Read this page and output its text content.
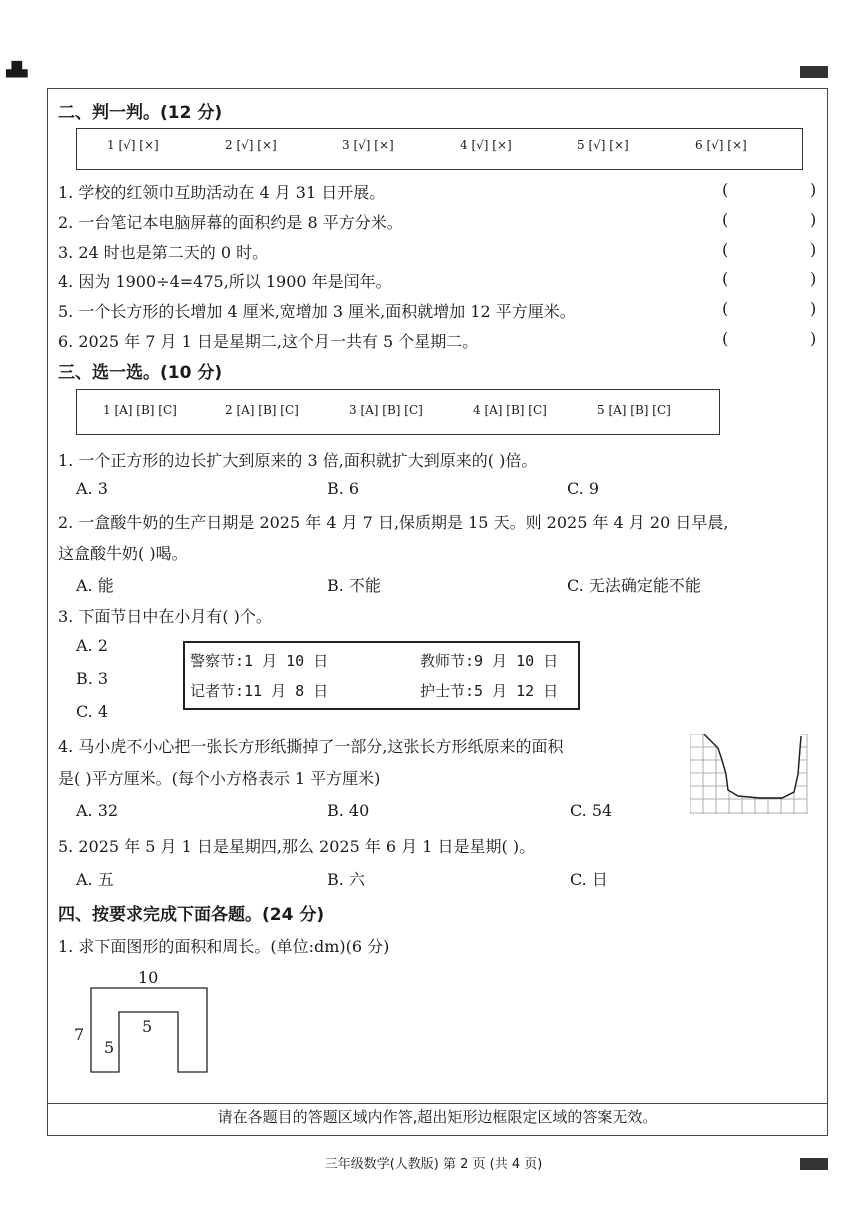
▟▙
二、判一判。(12 分)
1 [√] [×]	2 [√] [×]	3 [√] [×]	4 [√] [×]	5 [√] [×]	6 [√] [×]
1. 学校的红领巾互助活动在 4 月 31 日开展。
2. 一台笔记本电脑屏幕的面积约是 8 平方分米。
3. 24 时也是第二天的 0 时。
4. 因为 1900÷4=475,所以 1900 年是闰年。
5. 一个长方形的长增加 4 厘米,宽增加 3 厘米,面积就增加 12 平方厘米。
6. 2025 年 7 月 1 日是星期二,这个月一共有 5 个星期二。
(	)
(	)
(	)
(	)
(	)
(	)
三、选一选。(10 分)
1 [A] [B] [C]	2 [A] [B] [C]	3 [A] [B] [C]	4 [A] [B] [C]	5 [A] [B] [C]
1. 一个正方形的边长扩大到原来的 3 倍,面积就扩大到原来的( )倍。
A. 3	B. 6	C. 9
2. 一盒酸牛奶的生产日期是 2025 年 4 月 7 日,保质期是 15 天。则 2025 年 4 月 20 日早晨,
这盒酸牛奶( )喝。
A. 能	B. 不能	C. 无法确定能不能
3. 下面节日中在小月有( )个。
A. 2
B. 3
C. 4
警察节:1 月 10 日	教师节:9 月 10 日
记者节:11 月 8 日	护士节:5 月 12 日
4. 马小虎不小心把一张长方形纸撕掉了一部分,这张长方形纸原来的面积
是( )平方厘米。(每个小方格表示 1 平方厘米)
A. 32	B. 40	C. 54
5. 2025 年 5 月 1 日是星期四,那么 2025 年 6 月 1 日是星期( )。
A. 五	B. 六	C. 日
四、按要求完成下面各题。(24 分)
1. 求下面图形的面积和周长。(单位:dm)(6 分)
10
7
5
5
请在各题目的答题区域内作答,超出矩形边框限定区域的答案无效。
三年级数学(人教版) 第 2 页 (共 4 页)
